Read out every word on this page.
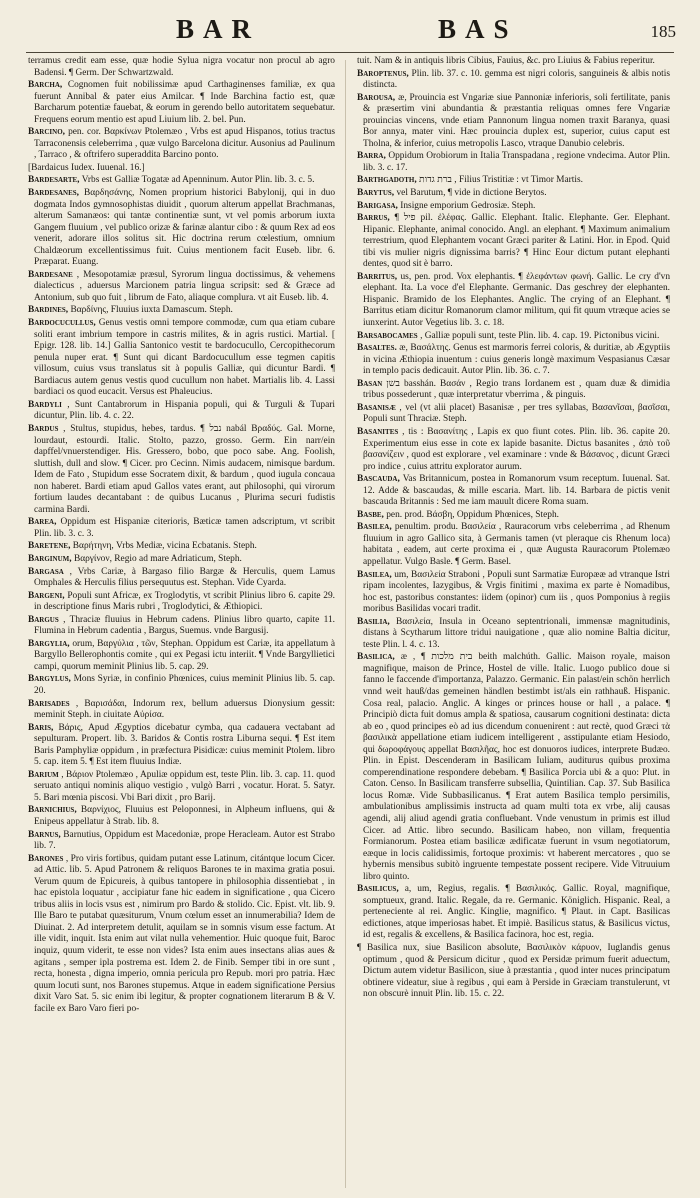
BAR	BAS	185

terramus credit eam esse, quæ hodie Sylua nigra vocatur non procul ab agro Badensi. ¶ Germ. Der Schwartzwald.

Barcha, Cognomen fuit nobilissimæ apud Carthaginenses familiæ, ex qua fuerunt Annibal & pater eius Amilcar. ¶ Inde Barchina factio est, quæ Barcharum potentiæ fauebat, & eorum in gerendo bello autoritatem sequebatur. Frequens eorum mentio est apud Liuium lib. 2. bel. Pun.

Barcino, pen. cor. Βαρκίνων Ptolemæo , Vrbs est apud Hispanos, totius tractus Tarraconensis celeberrima , quæ vulgo Barcelona dicitur. Ausonius ad Paulinum , Tarraco , & oftrifero superaddita Barcino ponto.

[Bardaicus Iudex. Iuuenal. 16.]

Bardesarte, Vrbs est Galliæ Togatæ ad Apenninum. Autor Plin. lib. 3. c. 5.

Bardesanes, Βαρδησάνης, Nomen proprium historici Babylonij, qui in duo dogmata Indos gymnosophistas diuidit , quorum alterum appellat Brachmanas, alterum Samanæos: qui tantæ continentiæ sunt, vt vel pomis arborum iuxta Gangem fluuium , vel publico orizæ & farinæ alantur cibo : & quum Rex ad eos venerit, adorare illos solitus sit. Hic doctrina rerum cœlestium, omnium Chaldæorum excellentissimus fuit. Cuius mentionem facit Euseb. libr. 6. Præparat. Euang.

Bardesane , Mesopotamiæ præsul, Syrorum lingua doctissimus, & vehemens dialecticus , aduersus Marcionem patria lingua scripsit: sed & Græce ad Antonium, sub quo fuit , librum de Fato, aliaque complura. vt ait Euseb. lib. 4.

Bardines, Βαρδίνης, Fluuius iuxta Damascum. Steph.

Bardocucullus, Genus vestis omni tempore commodæ, cum qua etiam cubare soliti erant imbrium tempore in castris milites, & in agris rustici. Martial. [ Epigr. 128. lib. 14.] Gallia Santonico vestit te bardocucullo, Cercopithecorum penula nuper erat. ¶ Sunt qui dicant Bardocucullum esse tegmen capitis villosum, cuius vsus translatus sit à populis Galliæ, qui dicuntur Bardi. ¶ Bardiacus autem genus vestis quod cucullum non habet. Martialis lib. 4. Lassi bardiaci os quod eucacit. Versus est Phaleucius.

Bardyli , Sunt Cantabrorum in Hispania populi, qui & Turguli & Tupari dicuntur, Plin. lib. 4. c. 22.

Bardus , Stultus, stupidus, hebes, tardus. ¶ נבל nabál Βραδύς. Gal. Morne, lourdaut, estourdi. Italic. Stolto, pazzo, grosso. Germ. Ein narr/ein dapffel/vnuerstendiger. His. Gressero, bobo, que poco sabe. Ang. Foolish, sluttish, dull and slow. ¶ Cicer. pro Cecinn. Nimis audacem, nimisque bardum. Idem de Fato , Stupidum esse Socratem dixit, & bardum , quod iugula concaua non haberet. Bardi etiam apud Gallos vates erant, aut philosophi, qui virorum fortium laudes decantabant : de quibus Lucanus , Plurima securi fudistis carmina Bardi.

Barea, Oppidum est Hispaniæ citerioris, Bæticæ tamen adscriptum, vt scribit Plin. lib. 3. c. 3.

Baretene, Βαρήτηνη, Vrbs Mediæ, vicina Ecbatanis. Steph.

Barginum, Βαργίνον, Regio ad mare Adriaticum, Steph.

Bargasa , Vrbs Cariæ, à Bargaso filio Bargæ & Herculis, quem Lamus Omphales & Herculis filius persequutus est. Stephan. Vide Cyarda.

Bargeni, Populi sunt Africæ, ex Troglodytis, vt scribit Plinius libro 6. capite 29. in descriptione finus Maris rubri , Troglodytici, & Æthiopici.

Bargus , Thraciæ fluuius in Hebrum cadens. Plinius libro quarto, capite 11. Flumina in Hebrum cadentia , Bargus, Suemus. vnde Bargusij.

Bargylia, orum, Βαργύλια , τῶν, Stephan. Oppidum est Cariæ, ita appellatum à Bargyllo Bellerophontis comite , qui ex Pegasi ictu interiit. ¶ Vnde Bargyllietici campi, quorum meminit Plinius lib. 5. cap. 29.

Bargylus, Mons Syriæ, in confinio Phœnices, cuius meminit Plinius lib. 5. cap. 20.

Barisades , Βαρισάδαι, Indorum rex, bellum aduersus Dionysium gessit: meminit Steph. in ciuitate Αὐρίσα.

Baris, Βάρις, Apud Ægyptios dicebatur cymba, qua cadauera vectabant ad sepulturam. Propert. lib. 3. Baridos & Contis rostra Liburna sequi. ¶ Est item Baris Pamphyliæ oppidum , in præfectura Pisidicæ: cuius meminit Ptolem. libro 5. cap. item 5. ¶ Est item fluuius Indiæ.

Barium , Βάριον Ptolemæo , Apuliæ oppidum est, teste Plin. lib. 3. cap. 11. quod seruato antiqui nominis aliquo vestigio , vulgò Barri , vocatur. Horat. 5. Satyr. 5. Bari mœnia piscosi. Vbi Bari dixit , pro Barij.

Barnichius, Βαρνίχιος, Fluuius est Peloponnesi, in Alpheum influens, qui & Enipeus appellatur à Strab. lib. 8.

Barnus, Barnutius, Oppidum est Macedoniæ, prope Heracleam. Autor est Strabo lib. 7.

Barones , Pro viris fortibus, quidam putant esse Latinum, citántque locum Cicer. ad Attic. lib. 5. Apud Patronem & reliquos Barones te in maxima gratia posui. Verum quum de Epicureis, à quibus tantopere in philosophia dissentiebat , in hac epistola loquatur , accipiatur fane hic eadem in significatione , qua Cicero tribus aliis in locis vsus est , nimirum pro Bardo & stolido. Cic. Epist. vlt. lib. 9. Ille Baro te putabat quæsiturum, Vnum cœlum esset an innumerabilia? Idem de Diuinat. 2. Ad interpretem detulit, aquilam se in somnis visum esse factum. At ille vidit, inquit. Ista enim aut vilat nulla vehementior. Huic quoque fuit, Baroc inquiz, quum viderit, te esse non vides? Ista enim aues insectans alias aues & agitans , semper ipla postrema est. Idem 2. de Finib. Semper tibi in ore sunt , recta, honesta , digna imperio, omnia pericula pro Repub. mori pro patria. Hæc quum locuti sunt, nos Barones stupemus. Atque in eadem significatione Persius dixit Varo Sat. 5. sic enim ibi legitur, & propter cognationem literarum B & V. facile ex Baro Varo fieri po-

tuit. Nam & in antiquis libris Cibius, Fauius, &c. pro Liuius & Fabius reperitur.

Baroptenus, Plin. lib. 37. c. 10. gemma est nigri coloris, sanguineis & albis notis distincta.

Barousa, æ, Prouincia est Vngariæ siue Pannoniæ inferioris, soli fertilitate, panis & præsertim vini abundantia & præstantia reliquas omnes fere Vngariæ prouincias vincens, vnde etiam Pannonum lingua nomen traxit Baranya, quasi Bor annya, mater vini. Hæc prouincia duplex est, superior, cuius caput est Tholna, & inferior, cuius metropolis Lasco, vtraque Danubio celebris.

Barra, Oppidum Orobiorum in Italia Transpadana , regione vndecima. Autor Plin. lib. 3. c. 17.

Barthgadoth, ברת גדות , Filius Tristitiæ : vt Timor Martis.

Barytus, vel Barutum, ¶ vide in dictione Berytos.

Barigasa, Insigne emporium Gedrosiæ. Steph.

Barrus, ¶ פיל pil. ἐλέφας. Gallic. Elephant. Italic. Elephante. Ger. Elephant. Hipanic. Elephante, animal conocido. Angl. an elephant. ¶ Maximum animalium terrestrium, quod Elephantem vocant Græci pariter & Latini. Hor. in Epod. Quid tibi vis mulier nigris dignissima barris? ¶ Hinc Eour dictum putant elephanti dentes, quod sit è barro.

Barritus, us, pen. prod. Vox elephantis. ¶ ἐλεφάντων φωνή. Gallic. Le cry d'vn elephant. Ita. La voce d'el Elephante. Germanic. Das geschrey der elephanten. Hispanic. Bramido de los Elephantes. Anglic. The crying of an Elephant. ¶ Barritus etiam dicitur Romanorum clamor militum, qui fit quum vtræque acies se iunxerint. Autor Vegetius lib. 3. c. 18.

Barsabocames , Galliæ populi sunt, teste Plin. lib. 4. cap. 19. Pictonibus vicini.

Basaltes. æ, Βασάλτης. Genus est marmoris ferrei coloris, & duritiæ, ab Ægyptiis in vicina Æthiopia inuentum : cuius generis longè maximum Vespasianus Cæsar in templo pacis dedicauit. Autor Plin. lib. 36. c. 7.

Basan בשן basshán. Βασάν , Regio trans Iordanem est , quam duæ & dimidia tribus possederunt , quæ interpretatur vberrima , & pinguis.

Basanisæ , vel (vt alii placet) Basanisæ , per tres syllabas, Βασανῖσαι, βασῖσαι, Populi sunt Thraciæ. Steph.

Basanites , tis : Βασανίτης , Lapis ex quo fiunt cotes. Plin. lib. 36. capite 20. Experimentum eius esse in cote ex lapide basanite. Dictus basanites , ἀπὸ τοῦ βασανίζειν , quod est explorare , vel examinare : vnde & Βάσανος , dicunt Græci pro indice , cuius attritu explorator aurum.

Bascauda, Vas Britannicum, postea in Romanorum vsum receptum. Iuuenal. Sat. 12. Adde & bascaudas, & mille escaria. Mart. lib. 14. Barbara de pictis venit bascauda Britannis : Sed me iam mauult dicere Roma suam.

Basbe, pen. prod. Βάσβη, Oppidum Phœnices, Steph.

Basilea, penultim. produ. Βασιλεία , Rauracorum vrbs celeberrima , ad Rhenum fluuium in agro Gallico sita, à Germanis tamen (vt pleraque cis Rhenum loca) habitata , eadem, aut certe proxima ei , quæ Augusta Rauracorum Ptolemæo appellatur. Vulgo Basle. ¶ Germ. Basel.

Basilea, um, Βασιλεία Straboni , Populi sunt Sarmatiæ Europææ ad vtranque Istri ripam incolentes, Iazygibus, & Vrgis finitimi , maxima ex parte è Nomadibus, hoc est, pastoribus constantes: iidem (opinor) cum iis , quos Pomponius à regiis moribus Basilidas vocari tradit.

Basilia, Βασιλεία, Insula in Oceano septentrionali, immensæ magnitudinis, distans à Scytharum littore tridui nauigatione , quæ alio nomine Baltia dicitur, teste Plin. l. 4. c. 13.

Basilica, æ , ¶ בית מלכות beith malchúth. Gallic. Maison royale, maison magnifique, maison de Prince, Hostel de ville. Italic. Luogo publico doue si fanno le faccende d'importanza, Palazzo. Germanic. Ein palast/ein schön herrlich vnnd weit hauß/das gemeinen händlen bestimbt ist/als ein rathhauß. Hispanic. Cosa real, palacio. Anglic. A kinges or princes house or hall , a palace. ¶ Principiò dicta fuit domus ampla & spatiosa, causarum cognitioni destinata: dicta ab eo , quod principes eò ad ius dicendum conuenirent : aut rectè, quod Græci τὰ βασιλικὰ appellatione etiam iudicem intelligerent , asstipulante etiam Hesiodo, qui δωροφάγους appellat Βασιλῆας, hoc est donuoros iudices, interprete Budæo. Plin. in Epist. Descenderam in Basilicam Iuliam, auditurus quibus proxima comperendinatione respondere debebam. ¶ Basilica Porcia ubi & a quo: Plut. in Caton. Censo. In Basilicam transferre subsellia, Quintilian. Cap. 37. Sub Basilica locus Romæ. Vide Subbasilicanus. ¶ Erat autem Basilica templo persimilis, ambulationibus amplissimis instructa ad quam multi tota ex vrbe, alij causas agendi, alij aliud agendi gratia confluebant. Vnde venustum in primis est illud Cicer. ad Attic. libro secundo. Basilicam habeo, non villam, frequentia Formianorum. Postea etiam basilicæ ædificatæ fuerunt in vsum negotiatorum, eæque in locis calidissimis, fortoque proximis: vt haberent mercatores , quo se hybernis mensibus subitò ingruente tempestate possent recipere. Vide Vitruuium libro quinto.

Basilicus, a, um, Regius, regalis. ¶ Βασιλικός. Gallic. Royal, magnifique, somptueux, grand. Italic. Regale, da re. Germanic. Königlich. Hispanic. Real, a perteneciente al rei. Anglic. Kinglie, magnifico. ¶ Plaut. in Capt. Basilicas edictiones, atque imperiosas habet. Et impiè. Basilicus status, & Basilicus victus, id est, regalis & excellens, & Basilica facinora, hoc est, regia.

¶ Basilica nux, siue Basilicon absolute, Βασιλικὸν κάρυον, Iuglandis genus optimum , quod & Persicum dicitur , quod ex Persidæ primum fuerit aduectum, Dictum autem videtur Basilicon, siue à præstantia , quod inter nuces principatum obtinere videatur, siue à regibus , qui eam à Perside in Græciam transtulerunt, vt non obscurè innuit Plin. lib. 15. c. 22.
